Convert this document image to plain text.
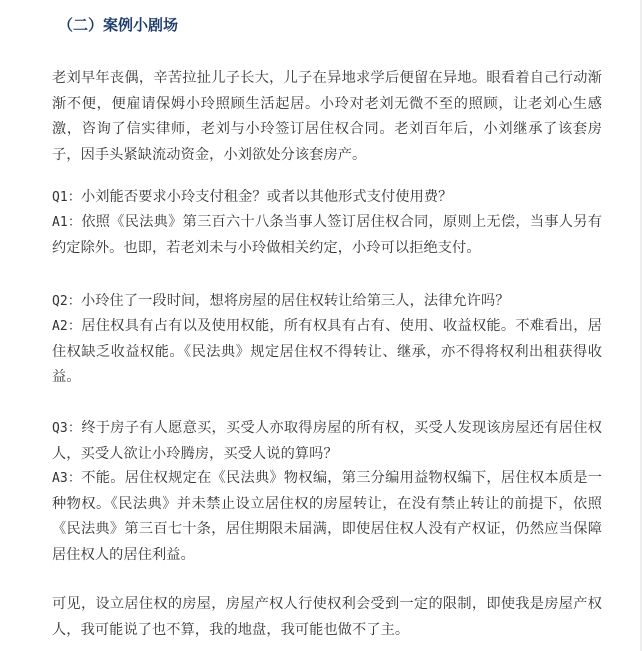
（二）案例小剧场

老刘早年丧偶，辛苦拉扯儿子长大，儿子在异地求学后便留在异地。眼看着自己行动渐渐不便，便雇请保姆小玲照顾生活起居。小玲对老刘无微不至的照顾，让老刘心生感激，咨询了信实律师，老刘与小玲签订居住权合同。老刘百年后，小刘继承了该套房子，因手头紧缺流动资金，小刘欲处分该套房产。

Q1：小刘能否要求小玲支付租金？或者以其他形式支付使用费？

A1：依照《民法典》第三百六十八条当事人签订居住权合同，原则上无偿，当事人另有约定除外。也即，若老刘未与小玲做相关约定，小玲可以拒绝支付。

Q2：小玲住了一段时间，想将房屋的居住权转让给第三人，法律允许吗？

A2：居住权具有占有以及使用权能，所有权具有占有、使用、收益权能。不难看出，居住权缺乏收益权能。《民法典》规定居住权不得转让、继承，亦不得将权利出租获得收益。

Q3：终于房子有人愿意买，买受人亦取得房屋的所有权，买受人发现该房屋还有居住权人，买受人欲让小玲腾房，买受人说的算吗？

A3：不能。居住权规定在《民法典》物权编，第三分编用益物权编下，居住权本质是一种物权。《民法典》并未禁止设立居住权的房屋转让，在没有禁止转让的前提下，依照《民法典》第三百七十条，居住期限未届满，即使居住权人没有产权证，仍然应当保障居住权人的居住利益。

可见，设立居住权的房屋，房屋产权人行使权利会受到一定的限制，即使我是房屋产权人，我可能说了也不算，我的地盘，我可能也做不了主。
